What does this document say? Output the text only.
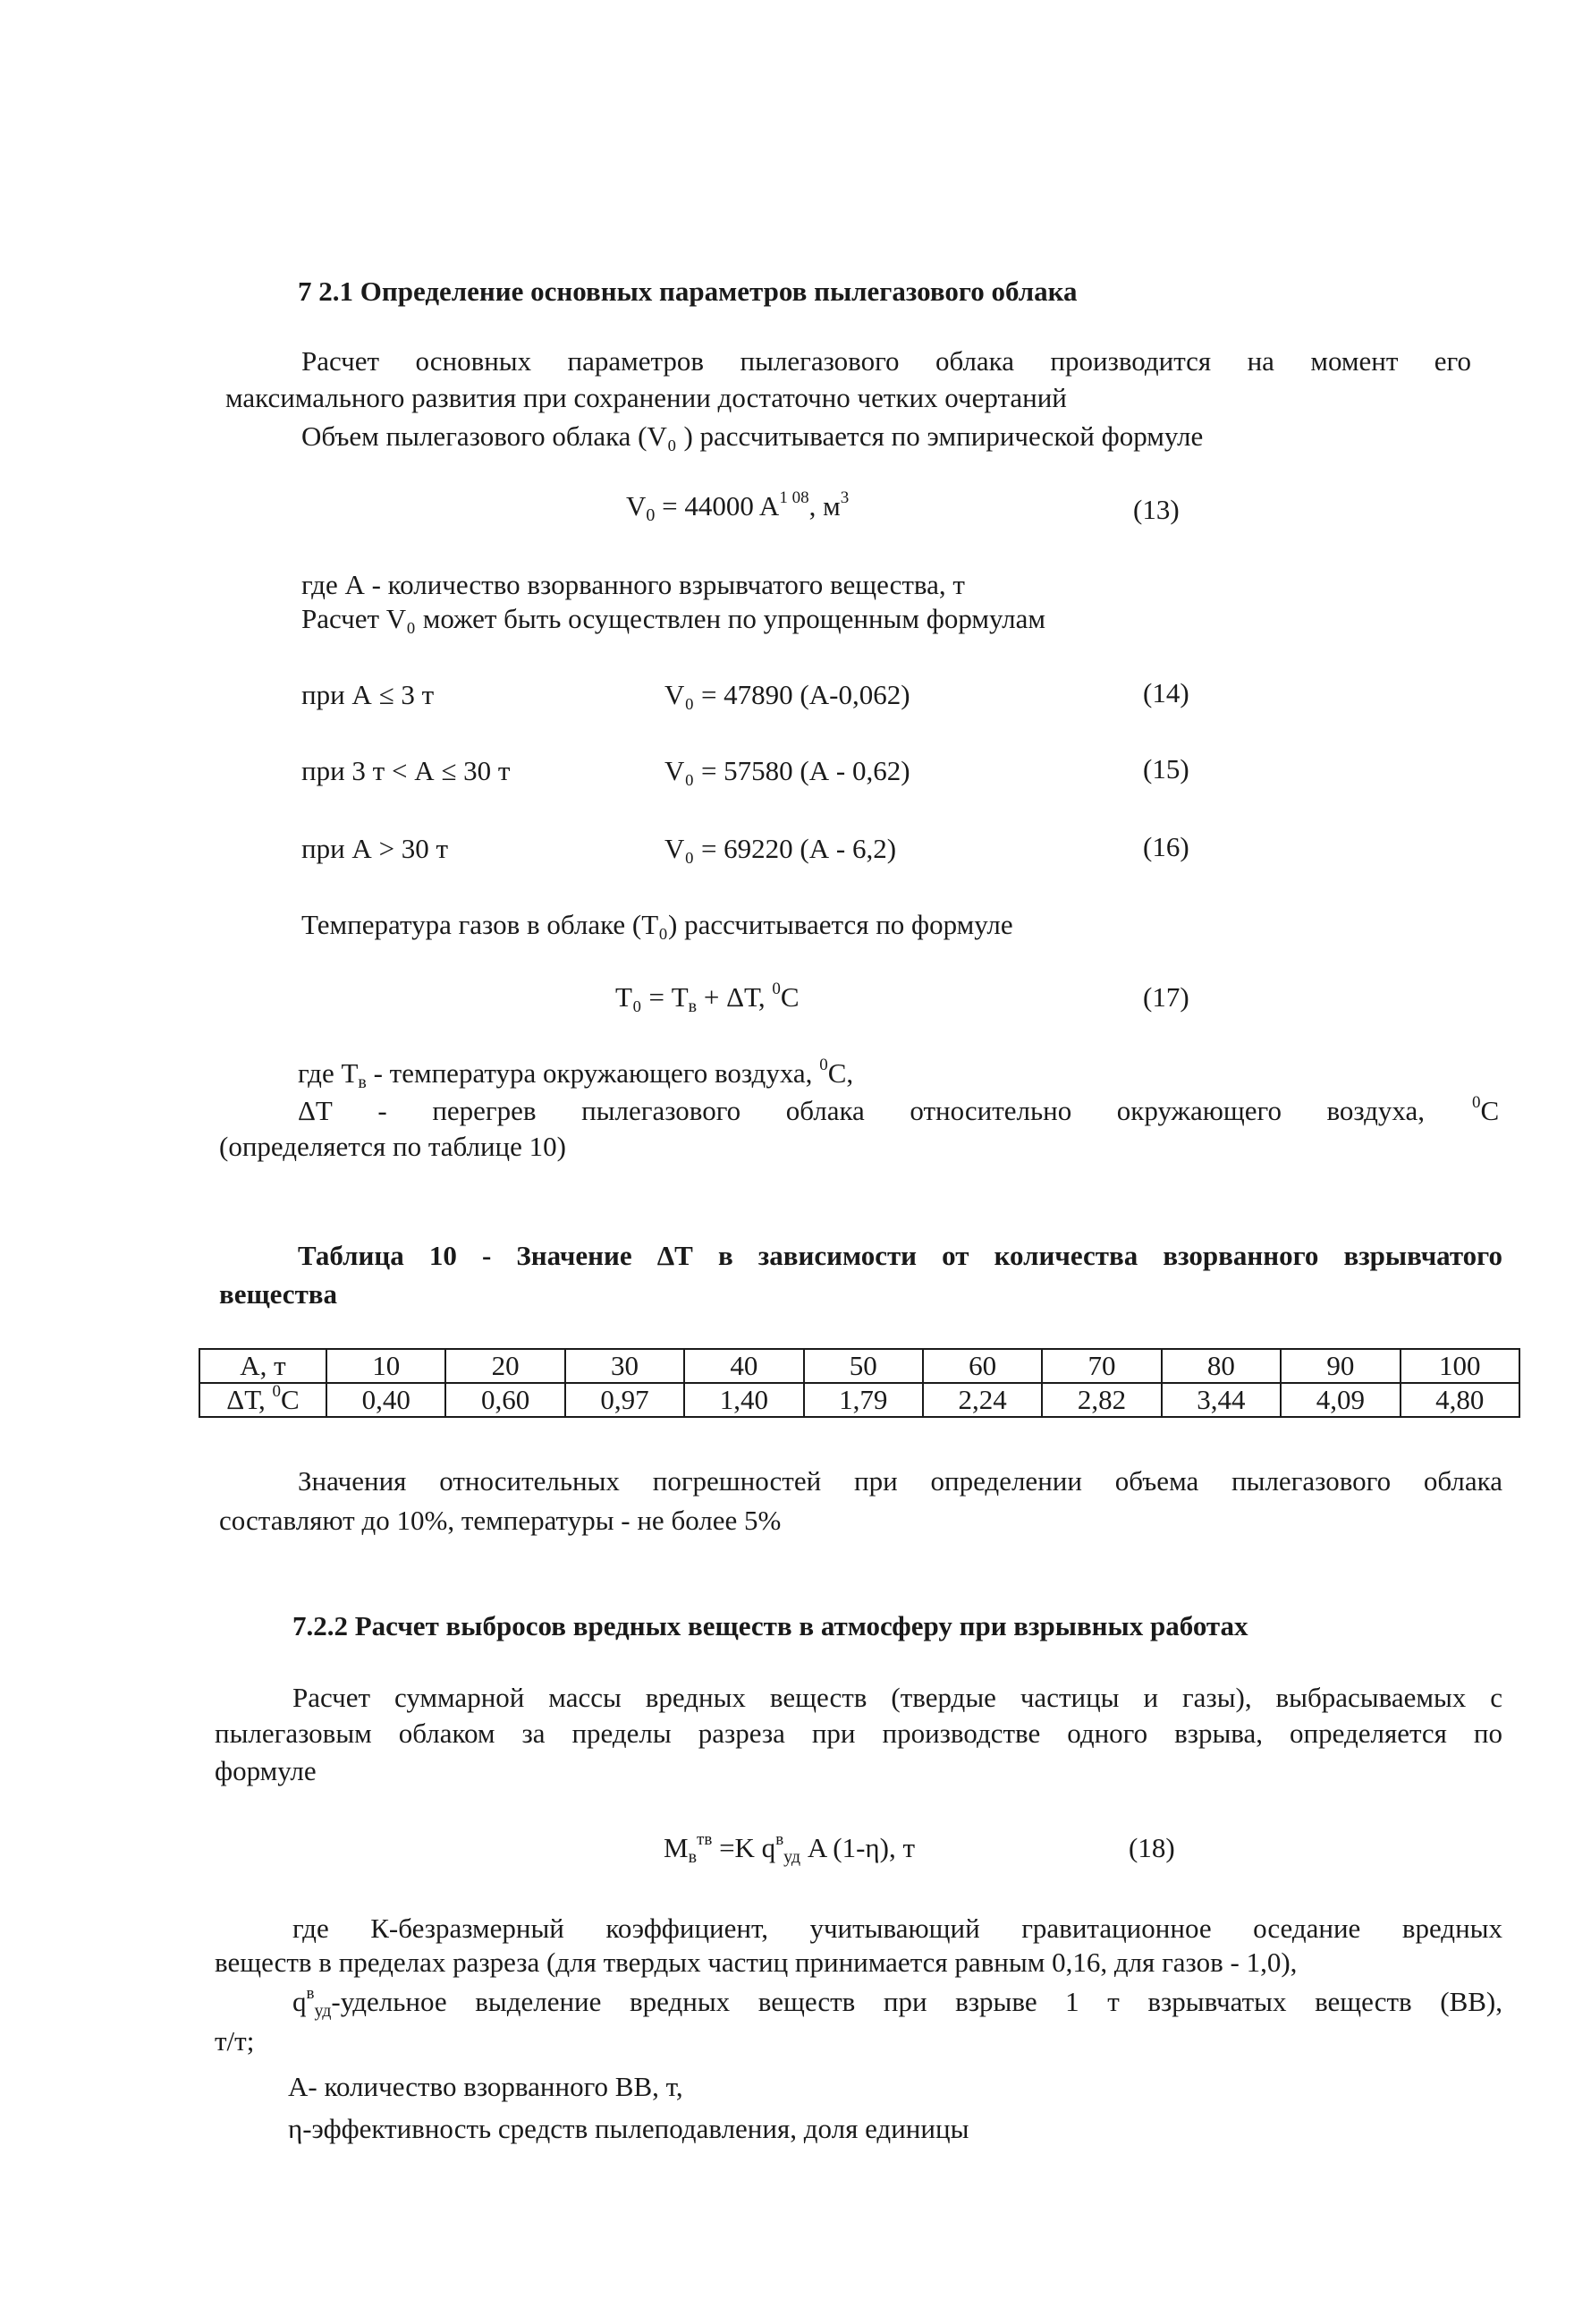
7 2.1 Определение основных параметров пылегазового облака
Расчет основных параметров пылегазового облака производится на момент его
максимального развития при сохранении достаточно четких очертаний
Объем пылегазового облака (V₀ ) рассчитывается по эмпирической формуле
$V_0 = 44000$ $A^{1 08}$, $м^3$	(13)
где А - количество взорванного взрывчатого вещества, т
Расчет V₀ может быть осуществлен по упрощенным формулам
при А ≤ 3 т	V₀ = 47890 (А-0,062)	(14)
при 3 т < А ≤ 30 т	V₀ = 57580 (А - 0,62)	(15)
при А > 30 т	V₀ = 69220 (А - 6,2)	(16)
Температура газов в облаке (Т₀) рассчитывается по формуле
$Т_0 = Т_в + \Delta Т$, $^0$С	(17)
где $Т_в$ - температура окружающего воздуха, $^0$С,
ΔТ - перегрев пылегазового облака относительно окружающего воздуха,	$^0$С
(определяется по таблице 10)
Таблица 10 - Значение ΔТ в зависимости от количества взорванного взрывчатого
вещества
А, т	10	20	30	40	50	60	70	80	90	100
ΔТ, $^0$С	0,40	0,60	0,97	1,40	1,79	2,24	2,82	3,44	4,09	4,80
Значения относительных погрешностей при определении объема пылегазового облака
составляют до 10%, температуры - не более 5%
7.2.2 Расчет выбросов вредных веществ в атмосферу при взрывных работах
Расчет суммарной массы вредных веществ (твердые частицы и газы), выбрасываемых с
пылегазовым облаком за пределы разреза при производстве одного взрыва, определяется по
формуле
$M_в^{тв} =K$ $q^в_{уд}$ A (1-η), т	(18)
где К-безразмерный коэффициент, учитывающий гравитационное оседание вредных
веществ в пределах разреза (для твердых частиц принимается равным 0,16, для газов - 1,0),
$q^в_{уд}$-удельное выделение вредных веществ при взрыве 1 т взрывчатых веществ (ВВ),
т/т;
А- количество взорванного ВВ, т,
η-эффективность средств пылеподавления, доля единицы
